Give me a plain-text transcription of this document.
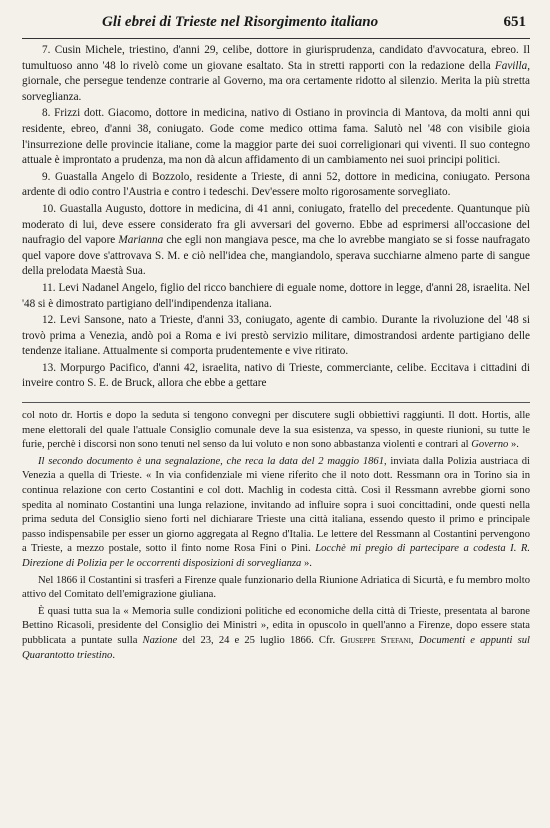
Gli ebrei di Trieste nel Risorgimento italiano	651

7. Cusin Michele, triestino, d'anni 29, celibe, dottore in giurisprudenza, candidato d'avvocatura, ebreo. Il tumultuoso anno '48 lo rivelò come un giovane esaltato. Sta in stretti rapporti con la redazione della Favilla, giornale, che persegue tendenze contrarie al Governo, ma ora certamente ridotto al silenzio. Merita la più stretta sorveglianza.

8. Frizzi dott. Giacomo, dottore in medicina, nativo di Ostiano in provincia di Mantova, da molti anni qui residente, ebreo, d'anni 38, coniugato. Gode come medico ottima fama. Salutò nel '48 con visibile gioia l'insurrezione delle provincie italiane, come la maggior parte dei suoi correligionari qui viventi. Il suo contegno attuale è improntato a prudenza, ma non dà alcun affidamento di un cambiamento nei suoi principi politici.

9. Guastalla Angelo di Bozzolo, residente a Trieste, di anni 52, dottore in medicina, coniugato. Persona ardente di odio contro l'Austria e contro i tedeschi. Dev'essere molto rigorosamente sorvegliato.

10. Guastalla Augusto, dottore in medicina, di 41 anni, coniugato, fratello del precedente. Quantunque più moderato di lui, deve essere considerato fra gli avversari del governo. Ebbe ad esprimersi all'occasione del naufragio del vapore Marianna che egli non mangiava pesce, ma che lo avrebbe mangiato se si fosse naufragato quel vapore dove s'attrovava S. M. e ciò nell'idea che, mangiandolo, sperava succhiarne almeno parte di sangue della prelodata Maestà Sua.

11. Levi Nadanel Angelo, figlio del ricco banchiere di eguale nome, dottore in legge, d'anni 28, israelita. Nel '48 si è dimostrato partigiano dell'indipendenza italiana.

12. Levi Sansone, nato a Trieste, d'anni 33, coniugato, agente di cambio. Durante la rivoluzione del '48 si trovò prima a Venezia, andò poi a Roma e ivi prestò servizio militare, dimostrandosi ardente partigiano delle tendenze italiane. Attualmente si comporta prudentemente e vive ritirato.

13. Morpurgo Pacifico, d'anni 42, israelita, nativo di Trieste, commerciante, celibe. Eccitava i cittadini di inveire contro S. E. de Bruck, allora che ebbe a gettare

col noto dr. Hortis e dopo la seduta si tengono convegni per discutere sugli obbiettivi raggiunti. Il dott. Hortis, alle mene elettorali del quale l'attuale Consiglio comunale deve la sua esistenza, va spesso, in queste riunioni, su tutte le furie, perchè i discorsi non sono tenuti nel senso da lui voluto e non sono abbastanza violenti e contrari al Governo ».

Il secondo documento è una segnalazione, che reca la data del 2 maggio 1861, inviata dalla Polizia austriaca di Venezia a quella di Trieste. « In via confidenziale mi viene riferito che il noto dott. Ressmann ora in Torino sia in continua relazione con certo Costantini e col dott. Machlig in codesta città. Così il Ressmann avrebbe giorni sono spedita al nominato Costantini una lunga relazione, invitando ad influire sopra i suoi concittadini, onde questi nella prima seduta del Consiglio sieno forti nel dichiarare Trieste una città italiana, essendo questo il primo e principale passo indispensabile per esser un giorno aggregata al Regno d'Italia. Le lettere del Ressmann al Costantini pervengono a Trieste, a mezzo postale, sotto il finto nome Rosa Fini o Pini. Locchè mi pregio di partecipare a codesta I. R. Direzione di Polizia per le occorrenti disposizioni di sorveglianza ».

Nel 1866 il Costantini si trasferì a Firenze quale funzionario della Riunione Adriatica di Sicurtà, e fu membro molto attivo del Comitato dell'emigrazione giuliana.

È quasi tutta sua la « Memoria sulle condizioni politiche ed economiche della città di Trieste, presentata al barone Bettino Ricasoli, presidente del Consiglio dei Ministri », edita in opuscolo in quell'anno a Firenze, dopo essere stata pubblicata a puntate sulla Nazione del 23, 24 e 25 luglio 1866. Cfr. Giuseppe Stefani, Documenti e appunti sul Quarantotto triestino.
